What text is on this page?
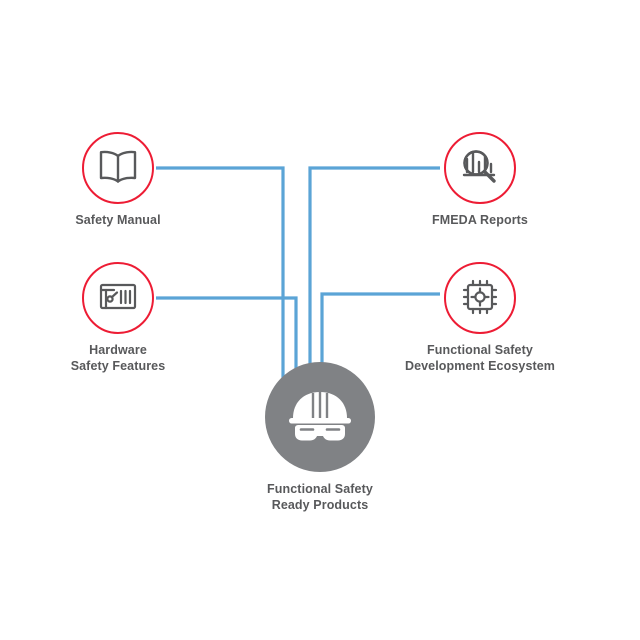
Safety Manual
Hardware
Safety Features
FMEDA Reports
Functional Safety
Development Ecosystem
Functional Safety
Ready Products
